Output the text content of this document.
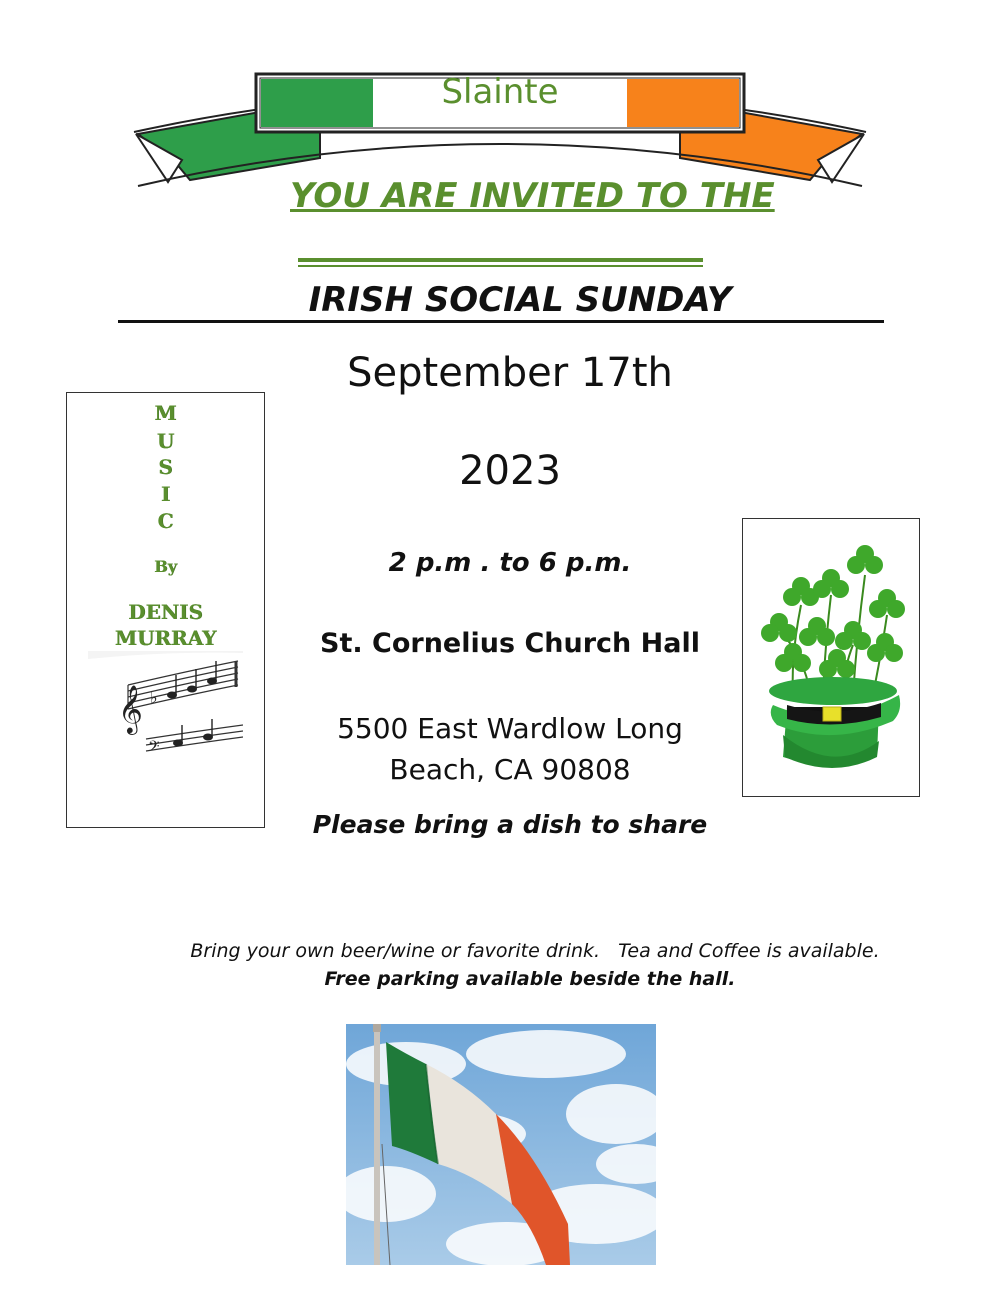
Slainte
YOU ARE INVITED TO THE
IRISH SOCIAL SUNDAY
September 17th
2023
2 p.m . to 6 p.m.
St. Cornelius Church Hall
5500 East Wardlow Long
Beach, CA 90808
Please bring a dish to share
M
U
S
I
C
By
DENIS
MURRAY
𝄞 ♭
𝄢
Bring your own beer/wine or favorite drink.   Tea and Coffee is available.
Free parking available beside the hall.
